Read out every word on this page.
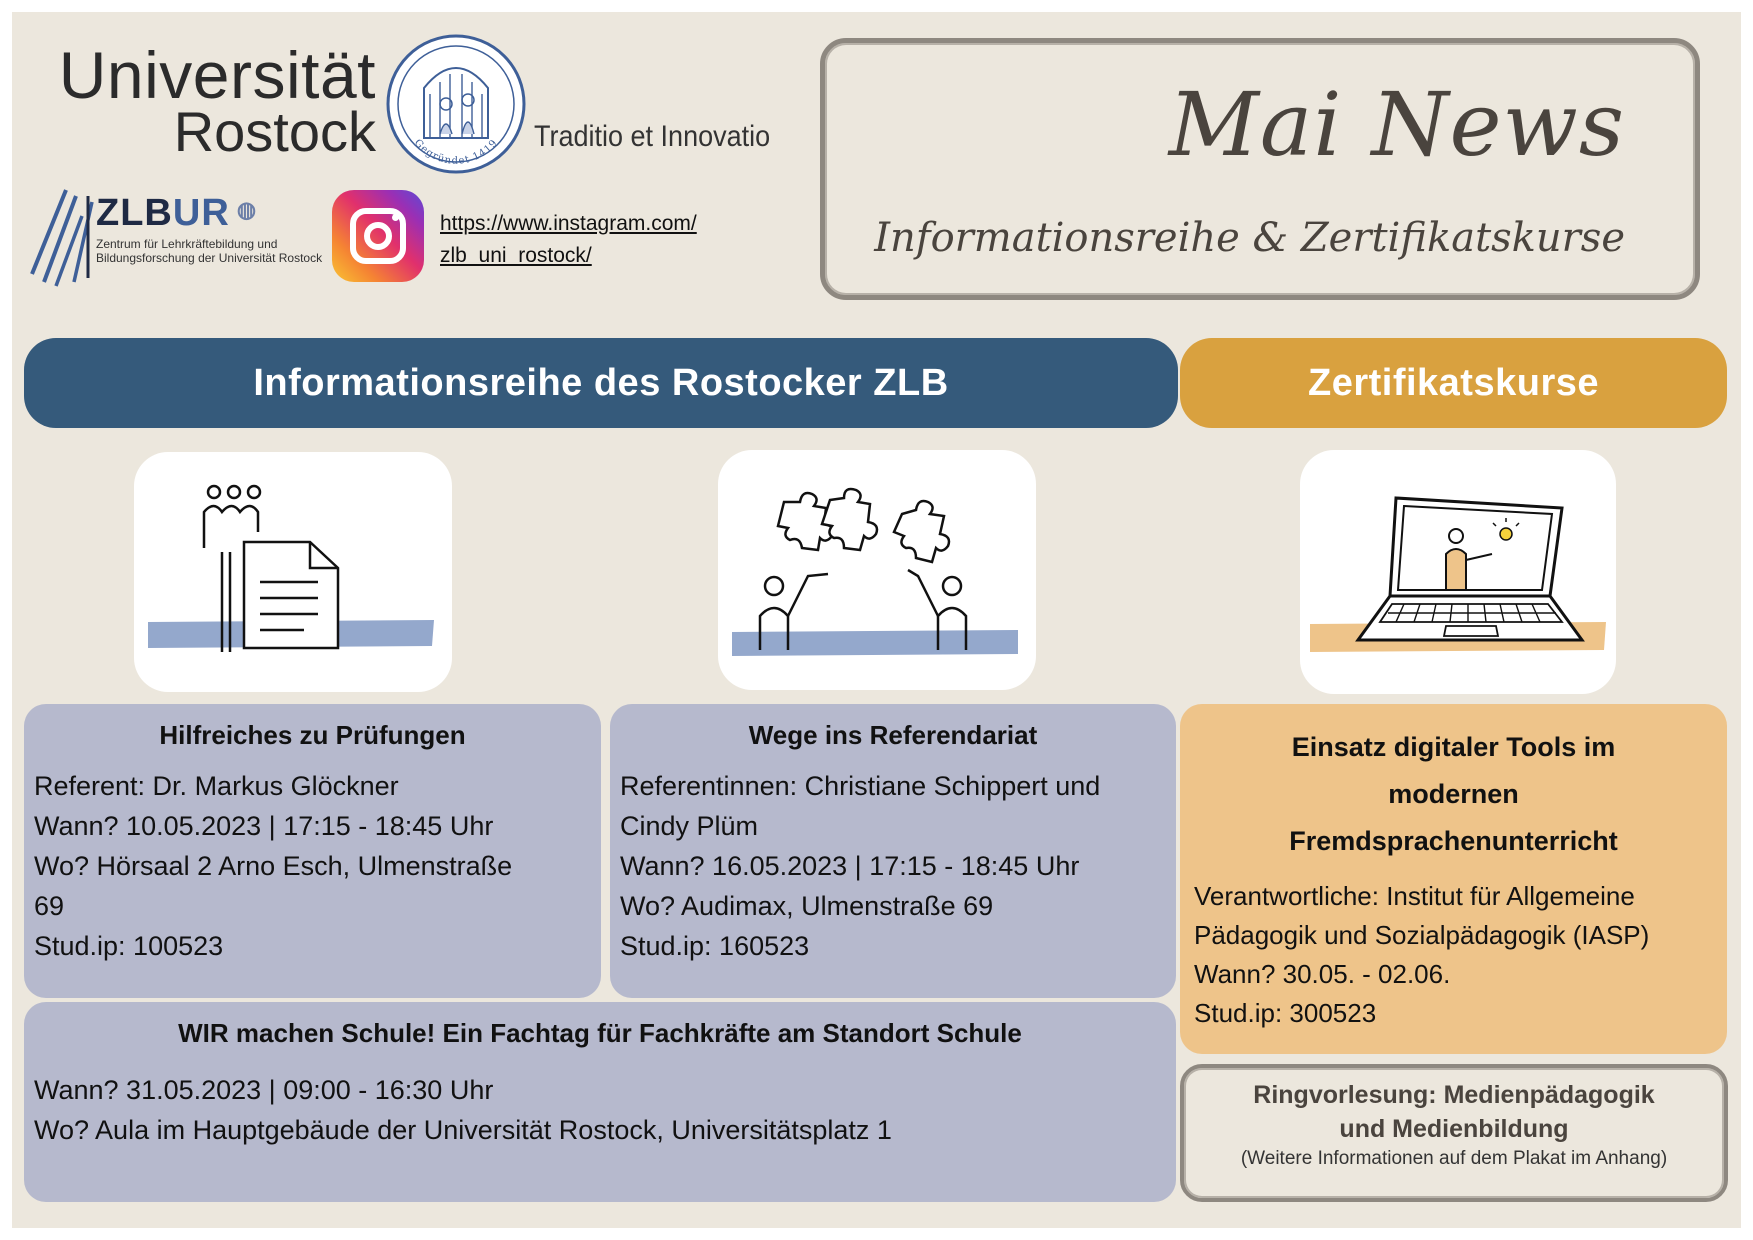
Universität
Rostock	Gegründet 1419 Traditio et Innovatio
ZLBUR ◍
Zentrum für Lehrkräftebildung und Bildungsforschung der Universität Rostock
https://www.instagram.com/
zlb_uni_rostock/
Mai News
Informationsreihe & Zertifikatskurse
Informationsreihe des Rostocker ZLB	Zertifikatskurse
Hilfreiches zu Prüfungen
Referent: Dr. Markus Glöckner
Wann? 10.05.2023 | 17:15 - 18:45 Uhr
Wo? Hörsaal 2 Arno Esch, Ulmenstraße
69
Stud.ip: 100523
Wege ins Referendariat
Referentinnen: Christiane Schippert und
Cindy Plüm
Wann? 16.05.2023 | 17:15 - 18:45 Uhr
Wo? Audimax, Ulmenstraße 69
Stud.ip: 160523
Einsatz digitaler Tools im
modernen
Fremdsprachenunterricht
Verantwortliche: Institut für Allgemeine
Pädagogik und Sozialpädagogik (IASP)
Wann? 30.05. - 02.06.
Stud.ip: 300523
WIR machen Schule! Ein Fachtag für Fachkräfte am Standort Schule
Wann? 31.05.2023 | 09:00 - 16:30 Uhr
Wo? Aula im Hauptgebäude der Universität Rostock, Universitätsplatz 1
Ringvorlesung: Medienpädagogik
und Medienbildung
(Weitere Informationen auf dem Plakat im Anhang)
